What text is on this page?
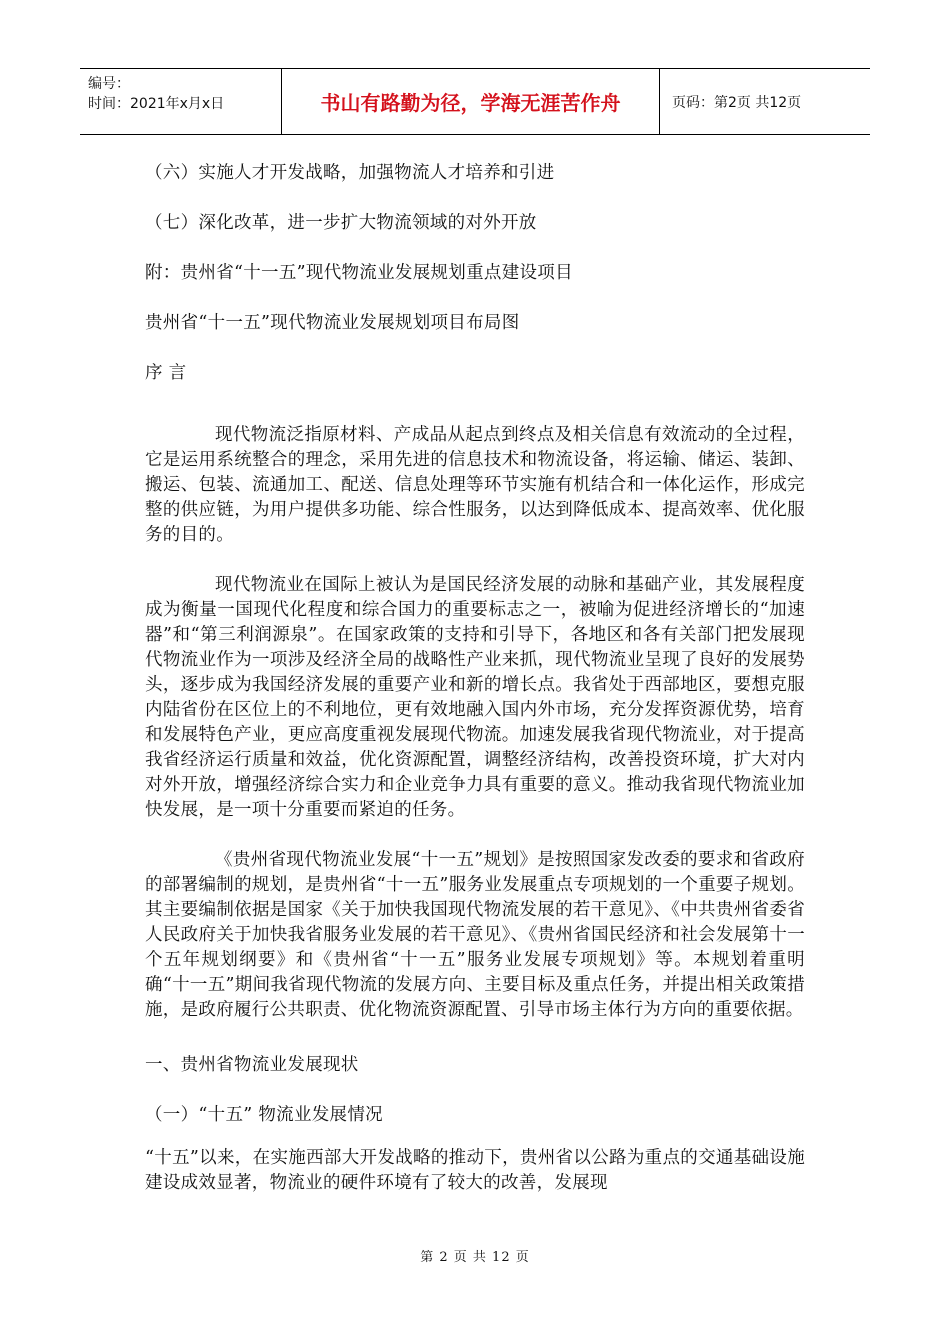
编号：
时间：2021年x月x日	书山有路勤为径，学海无涯苦作舟	页码：第2页 共12页

（六）实施人才开发战略，加强物流人才培养和引进

（七）深化改革，进一步扩大物流领域的对外开放

附：贵州省“十一五”现代物流业发展规划重点建设项目

贵州省“十一五”现代物流业发展规划项目布局图

序 言

现代物流泛指原材料、产成品从起点到终点及相关信息有效流动的全过程，它是运用系统整合的理念，采用先进的信息技术和物流设备，将运输、储运、装卸、搬运、包装、流通加工、配送、信息处理等环节实施有机结合和一体化运作，形成完整的供应链，为用户提供多功能、综合性服务，以达到降低成本、提高效率、优化服务的目的。

现代物流业在国际上被认为是国民经济发展的动脉和基础产业，其发展程度成为衡量一国现代化程度和综合国力的重要标志之一，被喻为促进经济增长的“加速器”和“第三利润源泉”。在国家政策的支持和引导下，各地区和各有关部门把发展现代物流业作为一项涉及经济全局的战略性产业来抓，现代物流业呈现了良好的发展势头，逐步成为我国经济发展的重要产业和新的增长点。我省处于西部地区，要想克服内陆省份在区位上的不利地位，更有效地融入国内外市场，充分发挥资源优势，培育和发展特色产业，更应高度重视发展现代物流。加速发展我省现代物流业，对于提高我省经济运行质量和效益，优化资源配置，调整经济结构，改善投资环境，扩大对内对外开放，增强经济综合实力和企业竞争力具有重要的意义。推动我省现代物流业加快发展，是一项十分重要而紧迫的任务。

《贵州省现代物流业发展“十一五”规划》是按照国家发改委的要求和省政府的部署编制的规划，是贵州省“十一五”服务业发展重点专项规划的一个重要子规划。其主要编制依据是国家《关于加快我国现代物流发展的若干意见》、《中共贵州省委省人民政府关于加快我省服务业发展的若干意见》、《贵州省国民经济和社会发展第十一个五年规划纲要》和《贵州省“十一五”服务业发展专项规划》等。本规划着重明确“十一五”期间我省现代物流的发展方向、主要目标及重点任务，并提出相关政策措施，是政府履行公共职责、优化物流资源配置、引导市场主体行为方向的重要依据。

一、贵州省物流业发展现状

（一）“十五” 物流业发展情况

“十五”以来，在实施西部大开发战略的推动下，贵州省以公路为重点的交通基础设施建设成效显著，物流业的硬件环境有了较大的改善，发展现

第 2 页 共 12 页
